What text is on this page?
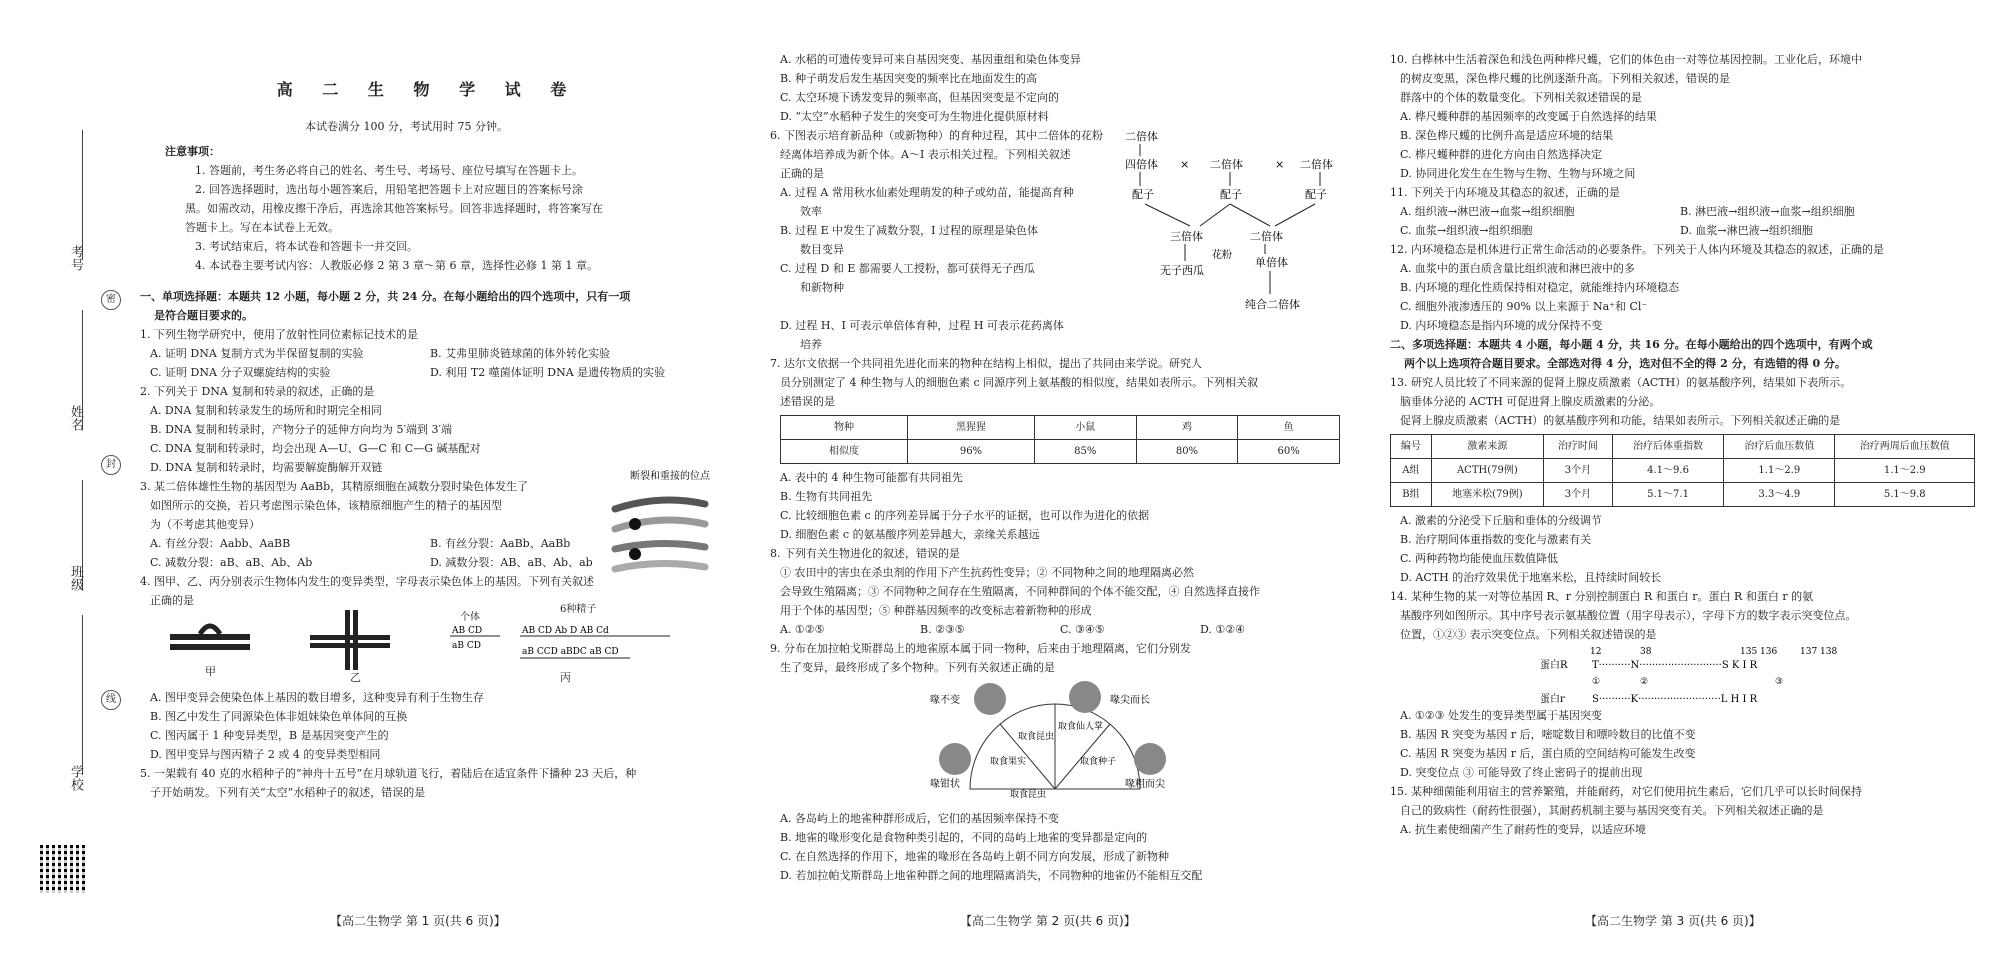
考号
密
姓名
封
班级
线
学校
高 二 生 物 学 试 卷

本试卷满分 100 分，考试用时 75 分钟。

注意事项：

1. 答题前，考生务必将自己的姓名、考生号、考场号、座位号填写在答题卡上。

2. 回答选择题时，选出每小题答案后，用铅笔把答题卡上对应题目的答案标号涂

黑。如需改动，用橡皮擦干净后，再选涂其他答案标号。回答非选择题时，将答案写在

答题卡上。写在本试卷上无效。

3. 考试结束后，将本试卷和答题卡一并交回。

4. 本试卷主要考试内容：人教版必修 2 第 3 章～第 6 章，选择性必修 1 第 1 章。

一、单项选择题：本题共 12 小题，每小题 2 分，共 24 分。在每小题给出的四个选项中，只有一项

是符合题目要求的。

1. 下列生物学研究中，使用了放射性同位素标记技术的是

A. 证明 DNA 复制方式为半保留复制的实验	B. 艾弗里肺炎链球菌的体外转化实验

C. 证明 DNA 分子双螺旋结构的实验	D. 利用 T2 噬菌体证明 DNA 是遗传物质的实验

2. 下列关于 DNA 复制和转录的叙述，正确的是

A. DNA 复制和转录发生的场所和时期完全相同

B. DNA 复制和转录时，产物分子的延伸方向均为 5′端到 3′端

C. DNA 复制和转录时，均会出现 A—U、G—C 和 C—G 碱基配对

D. DNA 复制和转录时，均需要解旋酶解开双链

3. 某二倍体雄性生物的基因型为 AaBb，其精原细胞在减数分裂时染色体发生了

如图所示的交换，若只考虑图示染色体，该精原细胞产生的精子的基因型

为（不考虑其他变异）

断裂和重接的位点

A. 有丝分裂：Aabb、AaBB	B. 有丝分裂：AaBb、AaBb

C. 减数分裂：aB、aB、Ab、Ab	D. 减数分裂：AB、aB、Ab、ab

4. 图甲、乙、丙分别表示生物体内发生的变异类型，字母表示染色体上的基因。下列有关叙述

正确的是

甲	乙

个体

6种精子

AB CD
aB CD
AB CD Ab D AB Cd
aB CCD aBDC aB CD

丙

A. 图甲变异会使染色体上基因的数目增多，这种变异有利于生物生存

B. 图乙中发生了同源染色体非姐妹染色单体间的互换

C. 图丙属于 1 种变异类型，B 是基因突变产生的

D. 图甲变异与图丙精子 2 或 4 的变异类型相同

5. 一架载有 40 克的水稻种子的“神舟十五号”在月球轨道飞行，着陆后在适宜条件下播种 23 天后，种

子开始萌发。下列有关“太空”水稻种子的叙述，错误的是

【高二生物学 第 1 页(共 6 页)】

A. 水稻的可遗传变异可来自基因突变、基因重组和染色体变异

B. 种子萌发后发生基因突变的频率比在地面发生的高

C. 太空环境下诱发变异的频率高，但基因突变是不定向的

D. “太空”水稻种子发生的突变可为生物进化提供原材料

6. 下图表示培育新品种（或新物种）的育种过程，其中二倍体的花粉

经离体培养成为新个体。A～I 表示相关过程。下列相关叙述

正确的是

A. 过程 A 常用秋水仙素处理萌发的种子或幼苗，能提高育种

效率

B. 过程 E 中发生了减数分裂，I 过程的原理是染色体

数目变异

C. 过程 D 和 E 都需要人工授粉，都可获得无子西瓜

和新物种

二倍体
四倍体
配子
二倍体
配子
二倍体
配子
×	×
三倍体	二倍体
无子西瓜
花粉
单倍体
纯合二倍体

D. 过程 H、I 可表示单倍体育种，过程 H 可表示花药离体

培养

7. 达尔文依据一个共同祖先进化而来的物种在结构上相似，提出了共同由来学说。研究人

员分别测定了 4 种生物与人的细胞色素 c 同源序列上氨基酸的相似度，结果如表所示。下列相关叙

述错误的是

物种	黑猩猩	小鼠	鸡	鱼
相似度	96%	85%	80%	60%

A. 表中的 4 种生物可能都有共同祖先

B. 生物有共同祖先

C. 比较细胞色素 c 的序列差异属于分子水平的证据，也可以作为进化的依据

D. 细胞色素 c 的氨基酸序列差异越大，亲缘关系越远

8. 下列有关生物进化的叙述，错误的是

① 农田中的害虫在杀虫剂的作用下产生抗药性变异；② 不同物种之间的地理隔离必然

会导致生殖隔离；③ 不同物种之间存在生殖隔离，不同种群间的个体不能交配，④ 自然选择直接作

用于个体的基因型；⑤ 种群基因频率的改变标志着新物种的形成

A. ①②⑤	B. ②③⑤	C. ③④⑤	D. ①②④

9. 分布在加拉帕戈斯群岛上的地雀原本属于同一物种，后来由于地理隔离，它们分别发

生了变异，最终形成了多个物种。下列有关叙述正确的是

喙不变	喙尖而长
喙钳状	喙粗而尖
取食昆虫
取食仙人掌
取食果实	取食种子
取食昆虫

A. 各岛屿上的地雀种群形成后，它们的基因频率保持不变

B. 地雀的喙形变化是食物种类引起的，不同的岛屿上地雀的变异都是定向的

C. 在自然选择的作用下，地雀的喙形在各岛屿上朝不同方向发展，形成了新物种

D. 若加拉帕戈斯群岛上地雀种群之间的地理隔离消失，不同物种的地雀仍不能相互交配

【高二生物学 第 2 页(共 6 页)】

10. 白桦林中生活着深色和浅色两种桦尺蠖，它们的体色由一对等位基因控制。工业化后，环境中

的树皮变黑，深色桦尺蠖的比例逐渐升高。下列相关叙述，错误的是

群落中的个体的数量变化。下列相关叙述错误的是

A. 桦尺蠖种群的基因频率的改变属于自然选择的结果

B. 深色桦尺蠖的比例升高是适应环境的结果

C. 桦尺蠖种群的进化方向由自然选择决定

D. 协同进化发生在生物与生物、生物与环境之间

11. 下列关于内环境及其稳态的叙述，正确的是

A. 组织液→淋巴液→血浆→组织细胞	B. 淋巴液→组织液→血浆→组织细胞

C. 血浆→组织液→组织细胞	D. 血浆→淋巴液→组织细胞

12. 内环境稳态是机体进行正常生命活动的必要条件。下列关于人体内环境及其稳态的叙述，正确的是

A. 血浆中的蛋白质含量比组织液和淋巴液中的多

B. 内环境的理化性质保持相对稳定，就能维持内环境稳态

C. 细胞外液渗透压的 90% 以上来源于 Na⁺和 Cl⁻

D. 内环境稳态是指内环境的成分保持不变

二、多项选择题：本题共 4 小题，每小题 4 分，共 16 分。在每小题给出的四个选项中，有两个或

两个以上选项符合题目要求。全部选对得 4 分，选对但不全的得 2 分，有选错的得 0 分。

13. 研究人员比较了不同来源的促肾上腺皮质激素（ACTH）的氨基酸序列，结果如下表所示。

脑垂体分泌的 ACTH 可促进肾上腺皮质激素的分泌。

促肾上腺皮质激素（ACTH）的氨基酸序列和功能，结果如表所示。下列相关叙述正确的是

编号	激素来源	治疗时间	治疗后体重指数	治疗后血压数值	治疗两周后血压数值
A组	ACTH(79例)	3个月	4.1～9.6	1.1～2.9	1.1～2.9
B组	地塞米松(79例)	3个月	5.1～7.1	3.3～4.9	5.1～9.8

A. 激素的分泌受下丘脑和垂体的分级调节

B. 治疗期间体重指数的变化与激素有关

C. 两种药物均能使血压数值降低

D. ACTH 的治疗效果优于地塞米松，且持续时间较长

14. 某种生物的某一对等位基因 R、r 分别控制蛋白 R 和蛋白 r。蛋白 R 和蛋白 r 的氨

基酸序列如图所示。其中序号表示氨基酸位置（用字母表示），字母下方的数字表示突变位点。

位置，①②③ 表示突变位点。下列相关叙述错误的是

12	38	135 136	137 138
蛋白R T··········N··························S K I R
①	②	③
蛋白r	S··········K··························L H I R

A. ①②③ 处发生的变异类型属于基因突变

B. 基因 R 突变为基因 r 后，嘧啶数目和嘌呤数目的比值不变

C. 基因 R 突变为基因 r 后，蛋白质的空间结构可能发生改变

D. 突变位点 ③ 可能导致了终止密码子的提前出现

15. 某种细菌能利用宿主的营养繁殖，并能耐药，对它们使用抗生素后，它们几乎可以长时间保持

自己的致病性（耐药性很强），其耐药机制主要与基因突变有关。下列相关叙述正确的是

A. 抗生素使细菌产生了耐药性的变异，以适应环境

【高二生物学 第 3 页(共 6 页)】
